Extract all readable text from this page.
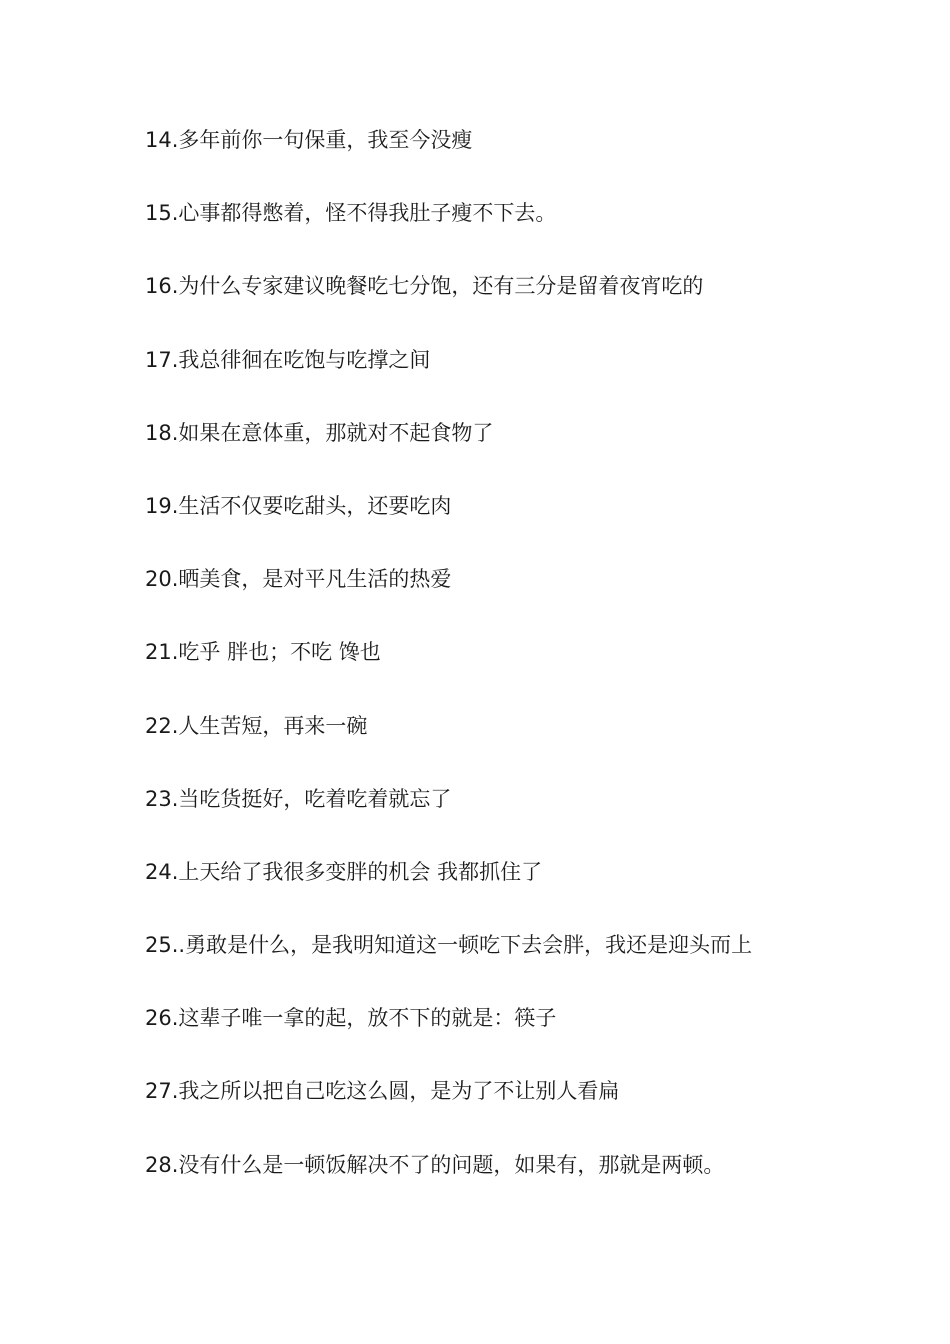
14.多年前你一句保重，我至今没瘦
15.心事都得憋着，怪不得我肚子瘦不下去。
16.为什么专家建议晚餐吃七分饱，还有三分是留着夜宵吃的
17.我总徘徊在吃饱与吃撑之间
18.如果在意体重，那就对不起食物了
19.生活不仅要吃甜头，还要吃肉
20.晒美食，是对平凡生活的热爱
21.吃乎 胖也；不吃 馋也
22.人生苦短，再来一碗
23.当吃货挺好，吃着吃着就忘了
24.上天给了我很多变胖的机会 我都抓住了
25..勇敢是什么，是我明知道这一顿吃下去会胖，我还是迎头而上
26.这辈子唯一拿的起，放不下的就是：筷子
27.我之所以把自己吃这么圆，是为了不让别人看扁
28.没有什么是一顿饭解决不了的问题，如果有，那就是两顿。
